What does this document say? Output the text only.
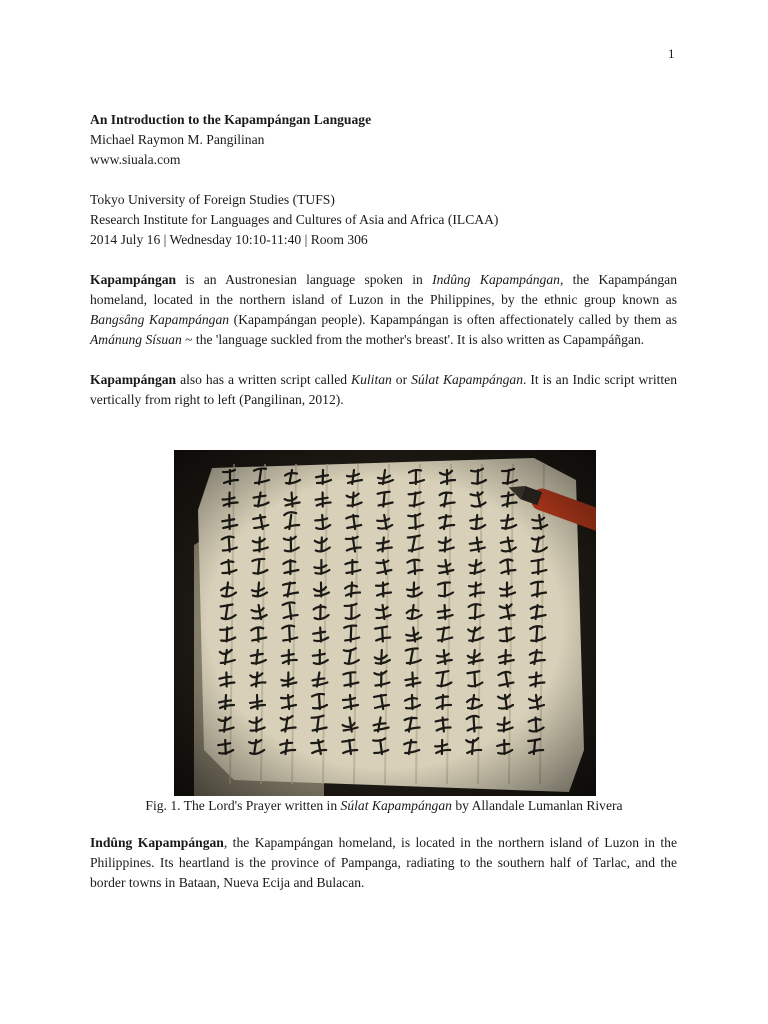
1
An Introduction to the Kapampángan Language
Michael Raymon M. Pangilinan
www.siuala.com
Tokyo University of Foreign Studies (TUFS)
Research Institute for Languages and Cultures of Asia and Africa (ILCAA)
2014 July 16 | Wednesday 10:10-11:40 | Room 306

Kapampángan is an Austronesian language spoken in Indûng Kapampángan, the Kapampángan homeland, located in the northern island of Luzon in the Philippines, by the ethnic group known as Bangsâng Kapampángan (Kapampángan people). Kapampángan is often affectionately called by them as Amánung Sísuan ~ the 'language suckled from the mother's breast'. It is also written as Capampáñgan.

Kapampángan also has a written script called Kulitan or Súlat Kapampángan. It is an Indic script written vertically from right to left (Pangilinan, 2012).

Fig. 1. The Lord's Prayer written in Súlat Kapampángan by Allandale Lumanlan Rivera

Indûng Kapampángan, the Kapampángan homeland, is located in the northern island of Luzon in the Philippines. Its heartland is the province of Pampanga, radiating to the southern half of Tarlac, and the border towns in Bataan, Nueva Ecija and Bulacan.
